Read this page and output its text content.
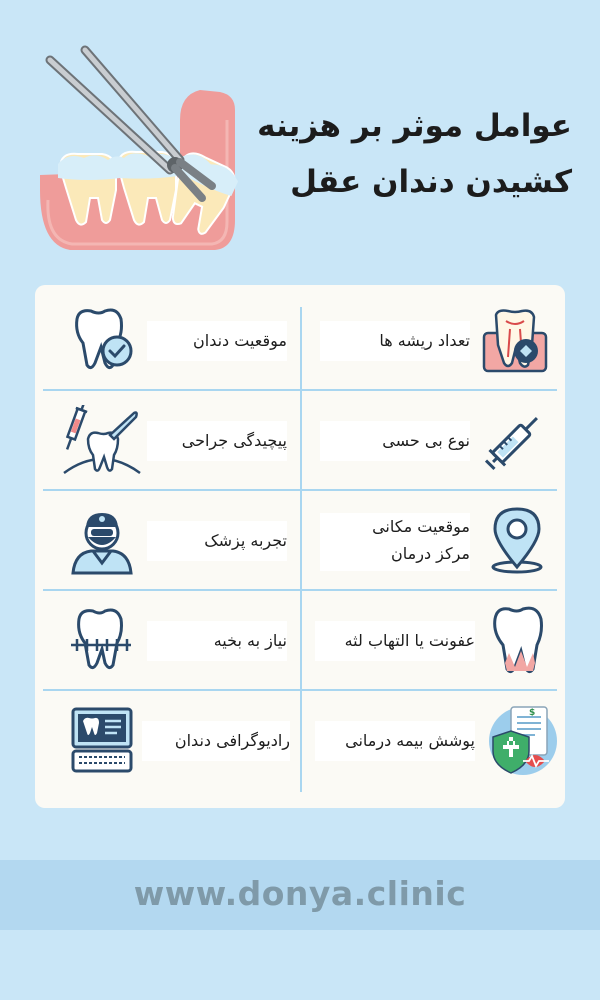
عوامل موثر بر هزینه
کشیدن دندان عقل
تعداد ریشه ها
موقعیت دندان
نوع بی حسی
پیچیدگی جراحی
موقعیت مکانی
مرکز درمان
تجربه پزشک
عفونت یا التهاب لثه
نیاز به بخیه
پوشش بیمه درمانی
$
رادیوگرافی دندان
www.donya.clinic
